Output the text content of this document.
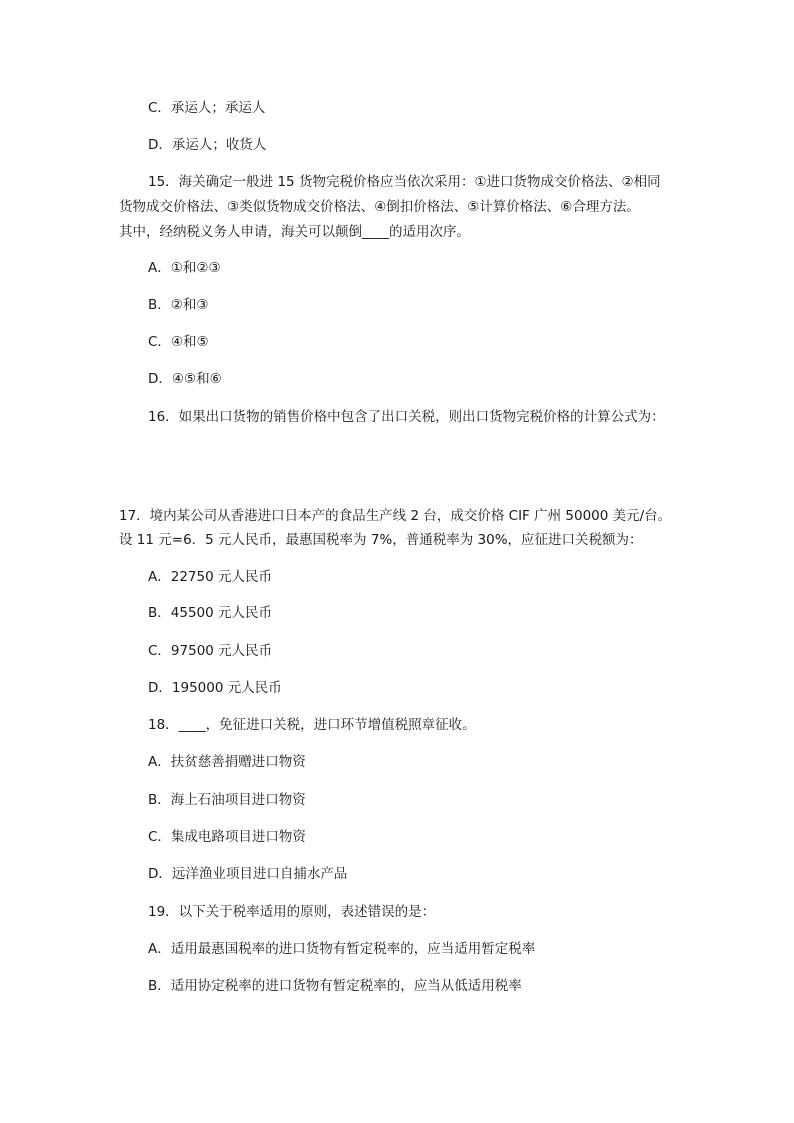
C．承运人；承运人
D．承运人；收货人
15．海关确定一般进 15 货物完税价格应当依次采用：①进口货物成交价格法、②相同
货物成交价格法、③类似货物成交价格法、④倒扣价格法、⑤计算价格法、⑥合理方法。
其中，经纳税义务人申请，海关可以颠倒____的适用次序。
A．①和②③
B．②和③
C．④和⑤
D．④⑤和⑥
16．如果出口货物的销售价格中包含了出口关税，则出口货物完税价格的计算公式为：
17．境内某公司从香港进口日本产的食品生产线 2 台，成交价格 CIF 广州 50000 美元/台。
设 11 元=6．5 元人民币，最惠国税率为 7%，普通税率为 30%，应征进口关税额为：
A．22750 元人民币
B．45500 元人民币
C．97500 元人民币
D．195000 元人民币
18．____，免征进口关税，进口环节增值税照章征收。
A．扶贫慈善捐赠进口物资
B．海上石油项目进口物资
C．集成电路项目进口物资
D．远洋渔业项目进口自捕水产品
19．以下关于税率适用的原则，表述错误的是：
A．适用最惠国税率的进口货物有暂定税率的，应当适用暂定税率
B．适用协定税率的进口货物有暂定税率的，应当从低适用税率
